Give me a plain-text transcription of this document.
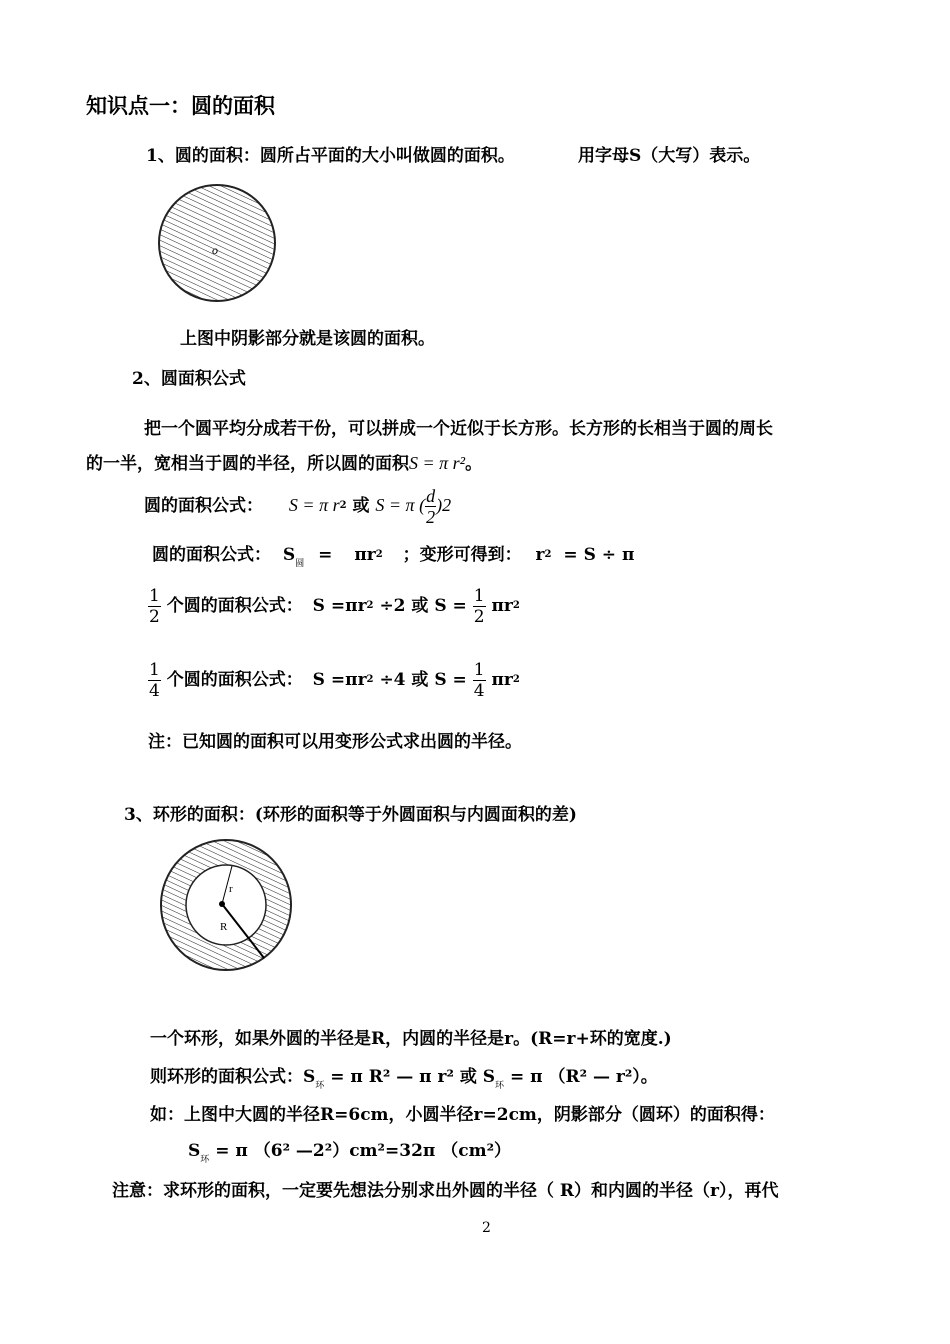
知识点一：圆的面积
1、圆的面积：圆所占平面的大小叫做圆的面积。	用字母S（大写）表示。
o
上图中阴影部分就是该圆的面积。
2、圆面积公式
把一个圆平均分成若干份，可以拼成一个近似于长方形。长方形的长相当于圆的周长
的一半，宽相当于圆的半径，所以圆的面积S = π r²。
圆的面积公式： S = π r2 或 S = π ( $\frac{d}{2} )2$
圆的面积公式： $S_圆 = \pi r2$ ；变形可得到： r2 = S ÷ π
$\frac{1}{2}$ 个圆的面积公式： S =πr2 ÷2 或 $S = \frac{1}{2} \pi r2$
$\frac{1}{4}$ 个圆的面积公式： S =πr2 ÷4 或 $S = \frac{1}{4} \pi r2$
注：已知圆的面积可以用变形公式求出圆的半径。
3、环形的面积：(环形的面积等于外圆面积与内圆面积的差)
r
R
一个环形，如果外圆的半径是R，内圆的半径是r。(R=r+环的宽度.)
则环形的面积公式：$S_环 = \pi$ R² — π r² 或 $S_环 = \pi$ （R² — r²）。
如：上图中大圆的半径R=6cm，小圆半径r=2cm，阴影部分（圆环）的面积得：
$S_环 = \pi$ （6² —2²）cm²=32π （cm²）
注意：求环形的面积，一定要先想法分别求出外圆的半径（ R）和内圆的半径（r），再代
2
